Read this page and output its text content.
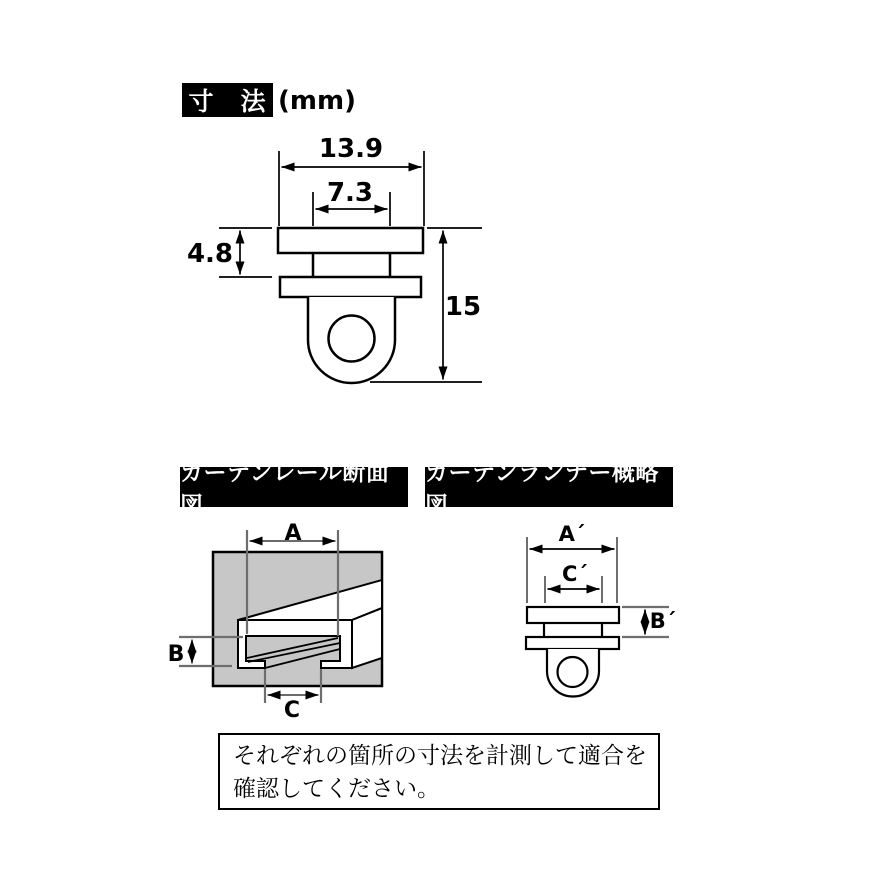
13.9
7.3
4.8
15
A
B
C
A´
C´
B´
寸　法 (mm)
カーテンレール断面図
カーテンランナー概略図
それぞれの箇所の寸法を計測して適合を
確認してください。
